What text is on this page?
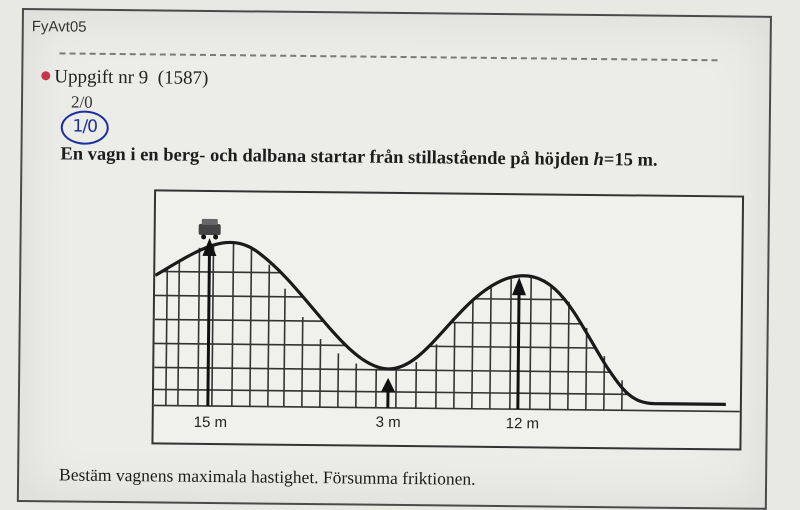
FyAvt05
Uppgift nr 9 (1587)
2/0
1/0
En vagn i en berg- och dalbana startar från stillastående på höjden h=15 m.
15 m	3 m	12 m
Bestäm vagnens maximala hastighet. Försumma friktionen.
